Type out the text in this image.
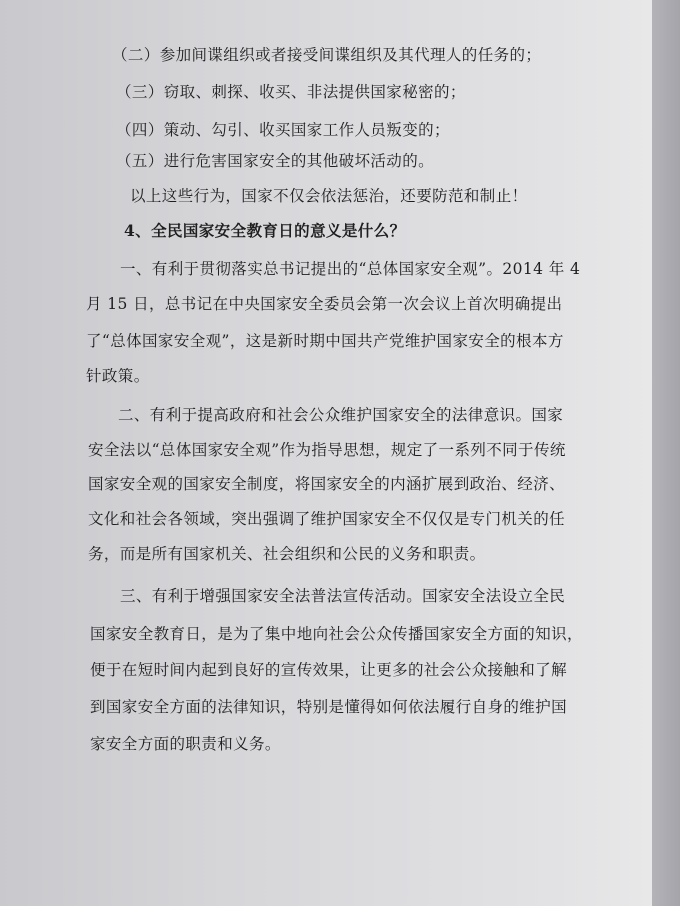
（二）参加间谍组织或者接受间谍组织及其代理人的任务的；
（三）窃取、刺探、收买、非法提供国家秘密的；
（四）策动、勾引、收买国家工作人员叛变的；
（五）进行危害国家安全的其他破坏活动的。
以上这些行为，国家不仅会依法惩治，还要防范和制止！
4、全民国家安全教育日的意义是什么？
一、有利于贯彻落实总书记提出的“总体国家安全观”。2014 年 4
月 15 日，总书记在中央国家安全委员会第一次会议上首次明确提出
了“总体国家安全观”，这是新时期中国共产党维护国家安全的根本方
针政策。
二、有利于提高政府和社会公众维护国家安全的法律意识。国家
安全法以“总体国家安全观”作为指导思想，规定了一系列不同于传统
国家安全观的国家安全制度，将国家安全的内涵扩展到政治、经济、
文化和社会各领域，突出强调了维护国家安全不仅仅是专门机关的任
务，而是所有国家机关、社会组织和公民的义务和职责。
三、有利于增强国家安全法普法宣传活动。国家安全法设立全民
国家安全教育日，是为了集中地向社会公众传播国家安全方面的知识，
便于在短时间内起到良好的宣传效果，让更多的社会公众接触和了解
到国家安全方面的法律知识，特别是懂得如何依法履行自身的维护国
家安全方面的职责和义务。
